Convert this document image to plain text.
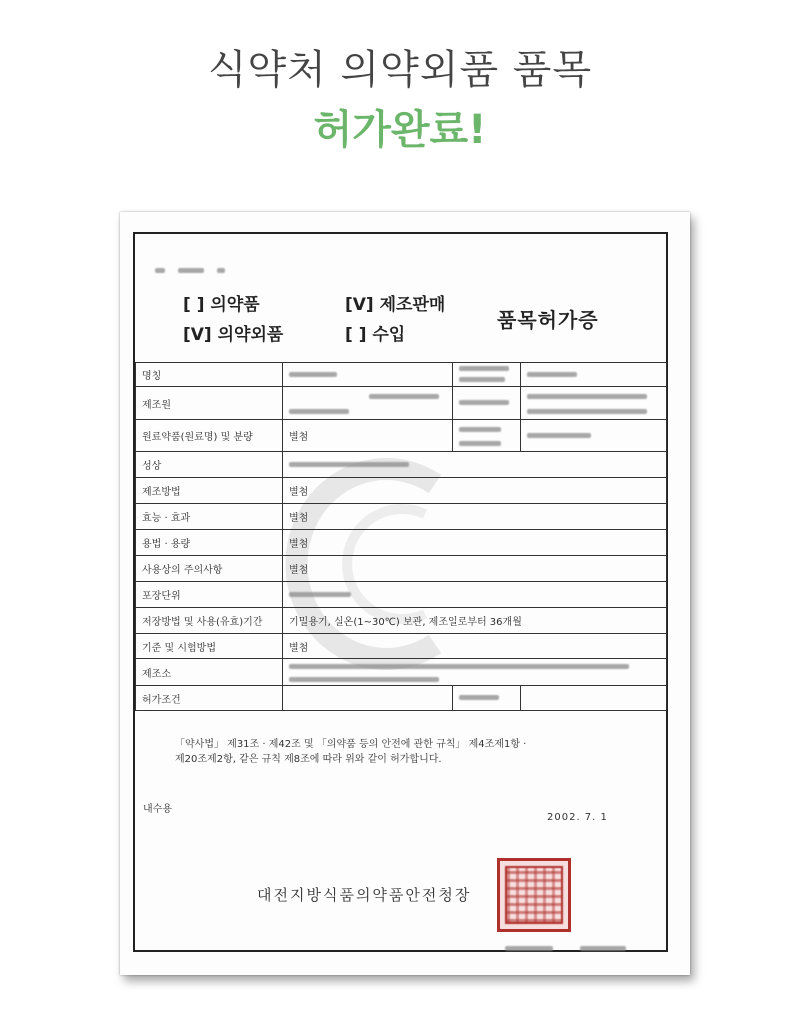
식약처 의약외품 품목
허가완료!

[ ] 의약품	[V] 제조판매
[V] 의약외품	[ ] 수입
품목허가증
명칭		

제조원	

원료약품(원료명) 및 분량	별첨	

성상			
제조방법	별첨		
효능 · 효과	별첨		
용법 · 용량	별첨		
사용상의 주의사항	별첨		
포장단위			
저장방법 및 사용(유효)기간	기밀용기, 실온(1~30℃) 보관, 제조일로부터 36개월		
기준 및 시험방법	별첨		
제조소			

허가조건			
「약사법」 제31조 · 제42조 및 「의약품 등의 안전에 관한 규칙」 제4조제1항 ·
제20조제2항, 같은 규칙 제8조에 따라 위와 같이 허가합니다.
내수용
2002. 7. 1
대전지방식품의약품안전청장
